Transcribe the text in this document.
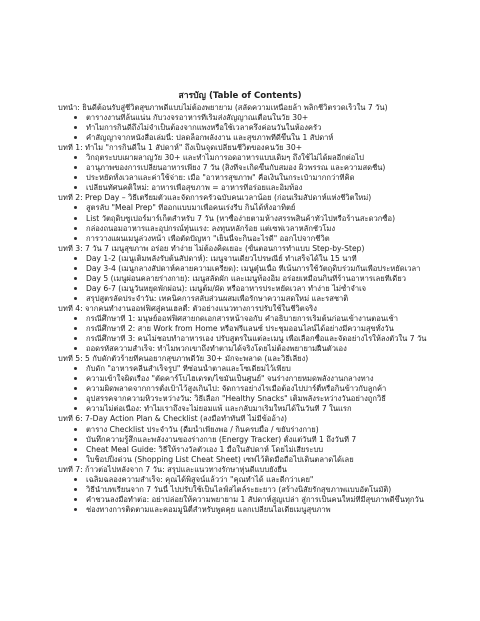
สารบัญ (Table of Contents)
บทนำ: ยินดีต้อนรับสู่ชีวิตสุขภาพดีแบบไม่ต้องพยายาม (สลัดความเหนื่อยล้า พลิกชีวิตรวดเร็วใน 7 วัน)
ตารางงานที่ล้นแน่น กับวงจรอาหารที่เริ่มส่งสัญญาณเตือนในวัย 30+
ทำไมการกินดีถึงไม่จำเป็นต้องจากแพงหรือใช้เวลาครึ่งค่อนวันในห้องครัว
คำสัญญาจากหนังสือเล่มนี้: ปลดล็อกพลังงาน และสุขภาพที่ดีขึ้นใน 1 สัปดาห์
บทที่ 1: ทำไม "การกินดีใน 1 สัปดาห์" ถึงเป็นจุดเปลี่ยนชีวิตของคนวัย 30+
วิกฤตระบบเผาผลาญวัย 30+ และทำไมการอดอาหารแบบเดิมๆ ถึงใช้ไม่ได้ผลอีกต่อไป
อานุภาพของการเปลี่ยนอาหารเพียง 7 วัน (สิ่งที่จะเกิดขึ้นกับสมอง ผิวพรรณ และความสดชื่น)
ประหยัดทั้งเวลาและค่าใช้จ่าย: เมื่อ "อาหารสุขภาพ" คือเงินในกระเป๋ามากกว่าที่คิด
เปลี่ยนทัศนคติใหม่: อาหารเพื่อสุขภาพ = อาหารที่อร่อยและอิ่มท้อง
บทที่ 2: Prep Day – วิธีเตรียมตัวและจัดการครัวฉบับคนเวลาน้อย (ก่อนเริ่มสัปดาห์แห่งชีวิตใหม่)
สูตรลับ "Meal Prep" ที่ออกแบบมาเพื่อคนเร่งรีบ กินได้ทั้งอาทิตย์
List วัตถุดิบซูเปอร์มาร์เก็ตสำหรับ 7 วัน (หาซื้อง่ายตามห้างสรรพสินค้าทั่วไปหรือร้านสะดวกซื้อ)
กล่องถนอมอาหารและอุปกรณ์ทุ่นแรง: ลงทุนหลักร้อย แต่เซฟเวลาหลักชั่วโมง
การวางแผนเมนูล่วงหน้า เพื่อตัดปัญหา "เย็นนี้จะกินอะไรดี" ออกไปจากชีวิต
บทที่ 3: 7 วัน 7 เมนูสุขภาพ อร่อย ทำง่าย ไม่ต้องคิดเยอะ (ขั้นตอนการทำแบบ Step-by-Step)
Day 1-2 (เมนูเติมพลังรับต้นสัปดาห์): เมนูจานเดียวไปรษณีย์ ทำเสร็จได้ใน 15 นาที
Day 3-4 (เมนูกลางสัปดาห์คลายความเครียด): เมนูตุ๋นเนื้อ ที่เน้นการใช้วัตถุดิบร่วมกันเพื่อประหยัดเวลา
Day 5 (เมนูผ่อนคลายร่างกาย): เมนูสลัดผัก และเมนูท้องอิ่ม อร่อยเหมือนกินที่ร้านอาหารเลยทีเดียว
Day 6-7 (เมนูวันหยุดพักผ่อน): เมนูต้ม/ผัด หรืออาหารประหยัดเวลา ทำง่าย ไม่ซ้ำจำเจ
สรุปสูตรลัดประจำวัน: เทคนิคการสลับส่วนผสมเพื่อรักษาความสดใหม่ และรสชาติ
บทที่ 4: จากคนทำงานออฟฟิศสู่คนเฮลตี้: ตัวอย่างแนวทางการปรับใช้ในชีวิตจริง
กรณีศึกษาที่ 1: มนุษย์ออฟฟิศสายกดเอกสารหน้าจอกับ คำอธิบายการเริ่มต้นก่อนเข้างานตอนเช้า
กรณีศึกษาที่ 2: สาย Work from Home หรือฟรีแลนซ์ ประชุมออนไลน์ได้อย่างมีความสุขทั้งวัน
กรณีศึกษาที่ 3: คนไม่ชอบทำอาหารเอง ปรับสูตรในแต่ละเมนู เพื่อเลือกซื้อและจัดอย่างไรให้ลงตัวใน 7 วัน
ถอดรหัสความสำเร็จ: ทำไมพวกเขาถึงทำตามได้จริงโดยไม่ต้องพยายามฝืนตัวเอง
บทที่ 5: 5 กับดักตัวร้ายที่คนอยากสุขภาพดีวัย 30+ มักจะพลาด (และวิธีเลี่ยง)
กับดัก "อาหารคลีนสำเร็จรูป" ที่ซ่อนน้ำตาลและโซเดียมไว้เพียบ
ความเข้าใจผิดเรื่อง "ตัดคาร์โบไฮเดรต/ไขมันเป็นศูนย์" จนร่างกายหมดพลังงานกลางทาง
ความผิดพลาดจากการตั้งเป้าไว้สูงเกินไป: จัดการอย่างไรเมื่อต้องไปปาร์ตี้หรือกินข้าวกับลูกค้า
อุปสรรคจากความหิวระหว่างวัน: วิธีเลือก "Healthy Snacks" เติมพลังระหว่างวันอย่างถูกวิธี
ความไม่ต่อเนื่อง: ทำไมเราถึงจะไม่ยอมแพ้ และกลับมาเริ่มใหม่ได้ในวันที่ 7 ในแรก
บทที่ 6: 7-Day Action Plan & Checklist (ลงมือทำทันที ไม่มีข้ออ้าง)
ตาราง Checklist ประจำวัน (ดื่มน้ำเพียงพอ / กินครบมื้อ / ขยับร่างกาย)
บันทึกความรู้สึกและพลังงานของร่างกาย (Energy Tracker) ตั้งแต่วันที่ 1 ถึงวันที่ 7
Cheat Meal Guide: วิธีให้รางวัลตัวเอง 1 มื้อในสัปดาห์ โดยไม่เสียระบบ
ใบช็อปปิ้งด่วน (Shopping List Cheat Sheet) เซฟไว้ติดมือถือไปเดินตลาดได้เลย
บทที่ 7: ก้าวต่อไปหลังจาก 7 วัน: สรุปและแนวทางรักษาหุ่นดีแบบยั่งยืน
เฉลิมฉลองความสำเร็จ: คุณได้พิสูจน์แล้วว่า "คุณทำได้ และดีกว่าเคย"
วิธีนำบทเรียนจาก 7 วันนี้ ไปปรับใช้เป็นไลฟ์สไตล์ระยะยาว (สร้างนิสัยรักสุขภาพแบบอัตโนมัติ)
คำชวนลงมือทำต่อ: อย่าปล่อยให้ความพยายาม 1 สัปดาห์สูญเปล่า สู่การเป็นคนใหม่ที่มีสุขภาพดีขึ้นทุกวัน
ช่องทางการติดตามและคอมมูนิตี้สำหรับพูดคุย แลกเปลี่ยนไอเดียเมนูสุขภาพ
